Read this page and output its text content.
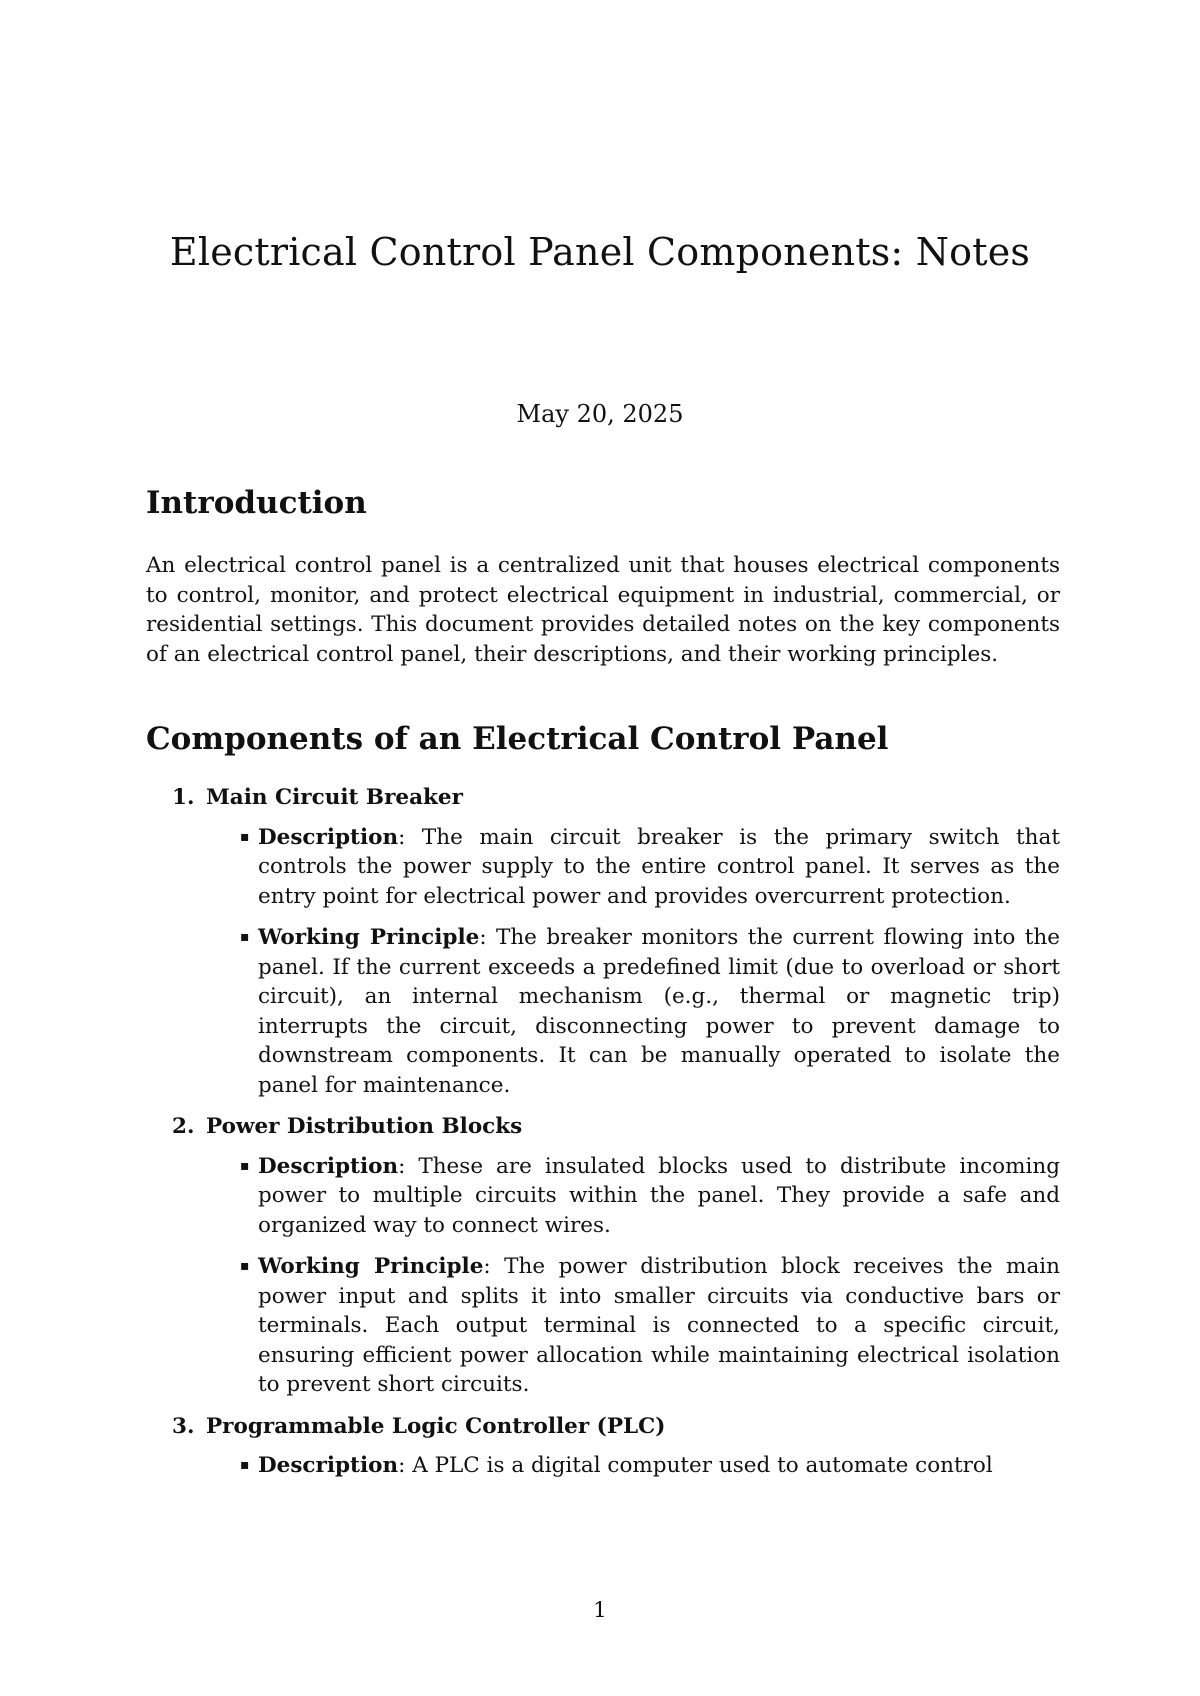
Electrical Control Panel Components: Notes
May 20, 2025
Introduction

An electrical control panel is a centralized unit that houses electrical components to control, monitor, and protect electrical equipment in industrial, commercial, or residential settings. This document provides detailed notes on the key components of an electrical control panel, their descriptions, and their working principles.

Components of an Electrical Control Panel
1. Main Circuit Breaker
▪ Description: The main circuit breaker is the primary switch that controls the power supply to the entire control panel. It serves as the entry point for electrical power and provides overcurrent protection.
▪ Working Principle: The breaker monitors the current flowing into the panel. If the current exceeds a predefined limit (due to overload or short circuit), an internal mechanism (e.g., thermal or magnetic trip) interrupts the circuit, disconnecting power to prevent damage to downstream components. It can be manually operated to isolate the panel for maintenance.
2. Power Distribution Blocks
▪ Description: These are insulated blocks used to distribute incoming power to multiple circuits within the panel. They provide a safe and organized way to connect wires.
▪ Working Principle: The power distribution block receives the main power input and splits it into smaller circuits via conductive bars or terminals. Each output terminal is connected to a specific circuit, ensuring efficient power allocation while maintaining electrical isolation to prevent short circuits.
3. Programmable Logic Controller (PLC)
▪ Description: A PLC is a digital computer used to automate control
1
